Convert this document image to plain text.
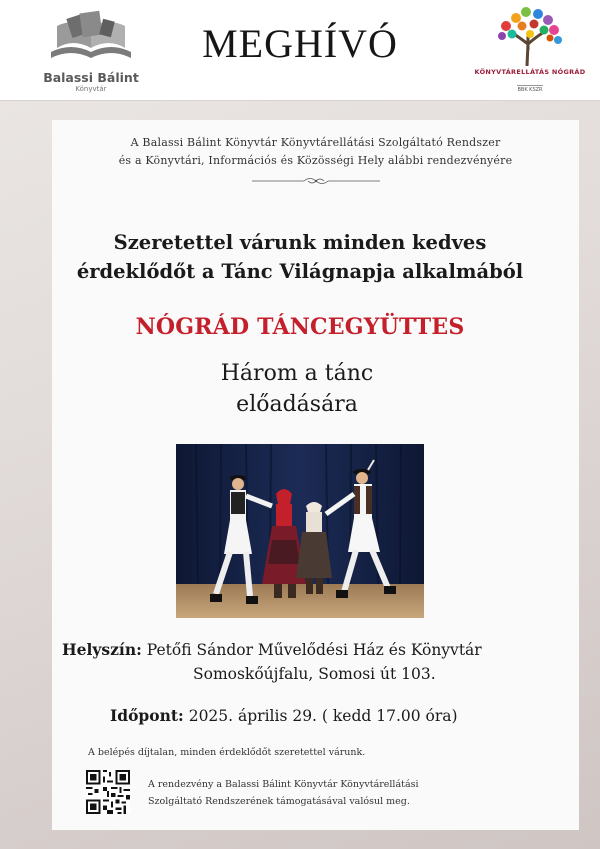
Balassi Bálint
Könyvtár
MEGHÍVÓ
KÖNYVTÁRELLÁTÁS NÓGRÁD
BBK KSZR
A Balassi Bálint Könyvtár Könyvtárellátási Szolgáltató Rendszer
és a Könyvtári, Információs és Közösségi Hely alábbi rendezvényére
Szeretettel várunk minden kedves
érdeklődőt a Tánc Világnapja alkalmából
NÓGRÁD TÁNCEGYÜTTES
Három a tánc
előadására
Helyszín: Petőfi Sándor Művelődési Ház és Könyvtár
Somoskőújfalu, Somosi út 103.
Időpont: 2025. április 29. ( kedd 17.00 óra)
A belépés díjtalan, minden érdeklődőt szeretettel várunk.
A rendezvény a Balassi Bálint Könyvtár Könyvtárellátási
Szolgáltató Rendszerének támogatásával valósul meg.
